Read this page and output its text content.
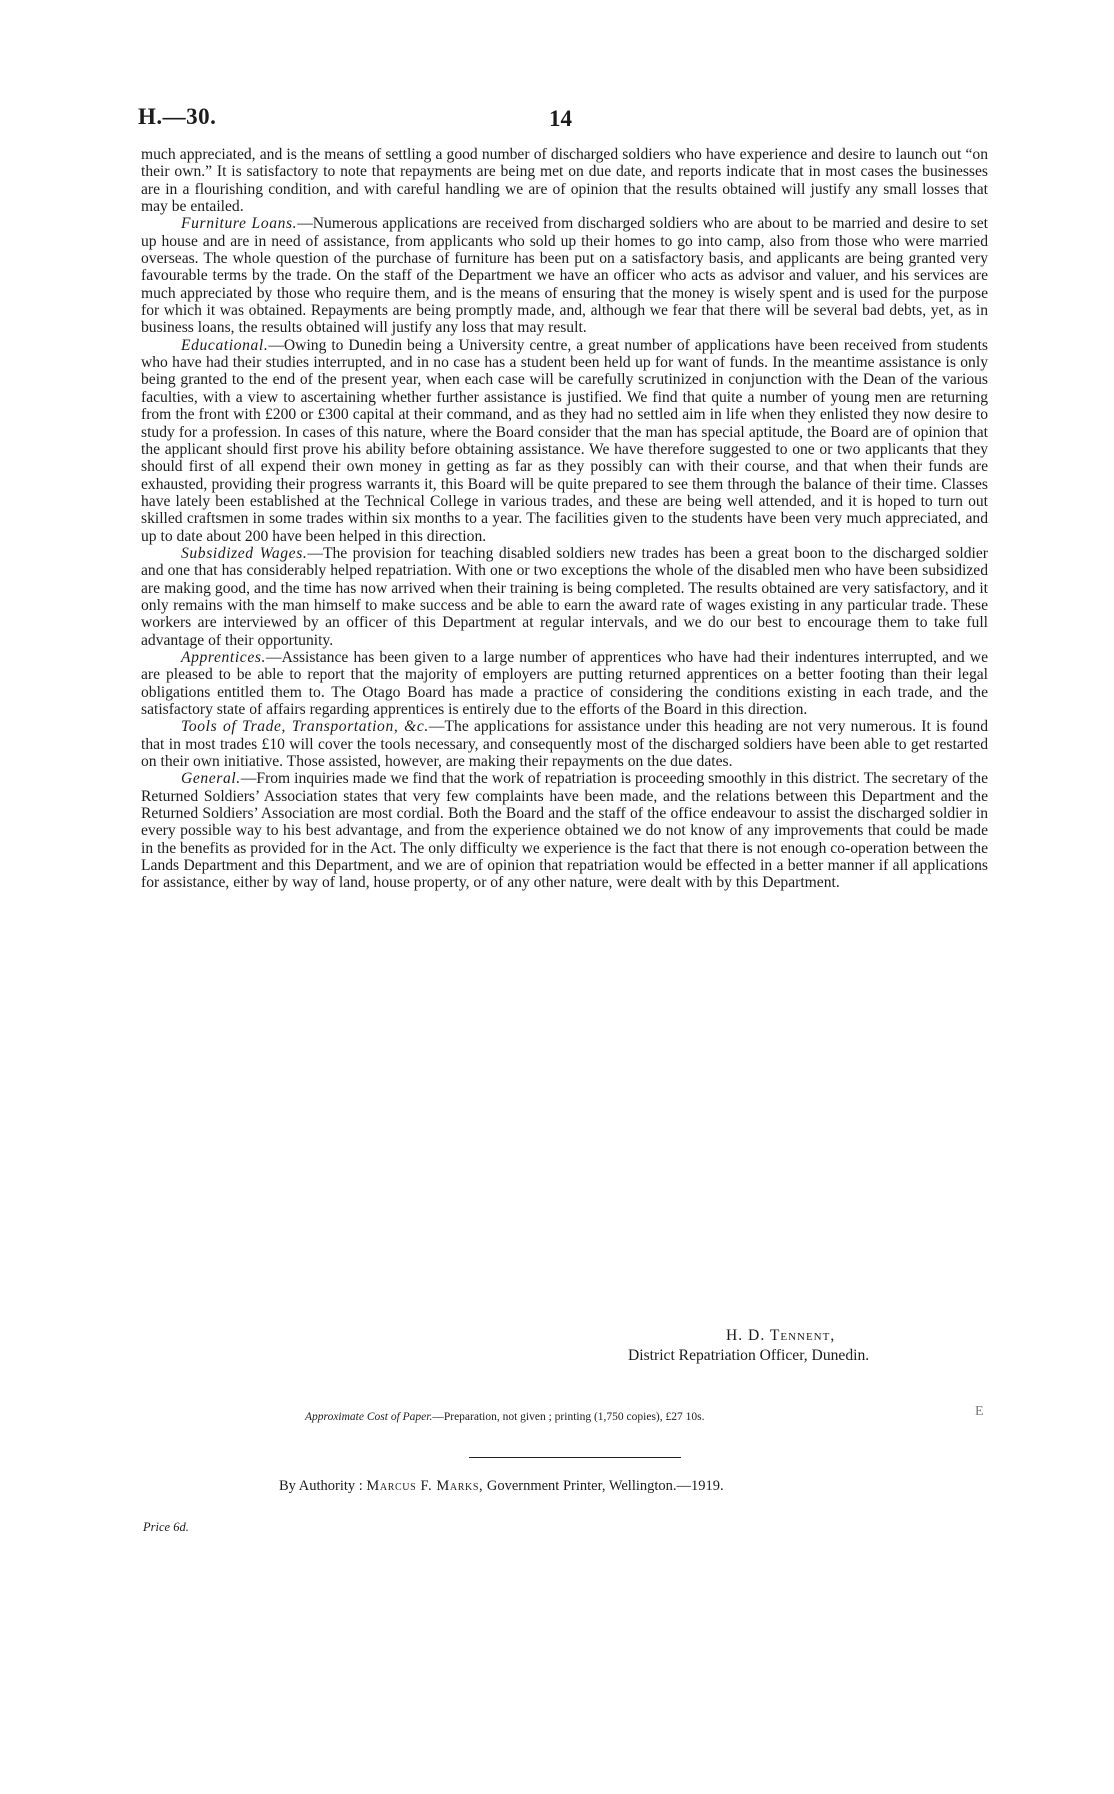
H.—30.	14

much appreciated, and is the means of settling a good number of discharged soldiers who have experience and desire to launch out “on their own.” It is satisfactory to note that repayments are being met on due date, and reports indicate that in most cases the businesses are in a flourishing condition, and with careful handling we are of opinion that the results obtained will justify any small losses that may be entailed.

Furniture Loans.—Numerous applications are received from discharged soldiers who are about to be married and desire to set up house and are in need of assistance, from applicants who sold up their homes to go into camp, also from those who were married overseas. The whole question of the purchase of furniture has been put on a satisfactory basis, and applicants are being granted very favourable terms by the trade. On the staff of the Department we have an officer who acts as advisor and valuer, and his services are much appreciated by those who require them, and is the means of ensuring that the money is wisely spent and is used for the purpose for which it was obtained. Repayments are being promptly made, and, although we fear that there will be several bad debts, yet, as in business loans, the results obtained will justify any loss that may result.

Educational.—Owing to Dunedin being a University centre, a great number of applications have been received from students who have had their studies interrupted, and in no case has a student been held up for want of funds. In the meantime assistance is only being granted to the end of the present year, when each case will be carefully scrutinized in conjunction with the Dean of the various faculties, with a view to ascertaining whether further assistance is justified. We find that quite a number of young men are returning from the front with £200 or £300 capital at their command, and as they had no settled aim in life when they enlisted they now desire to study for a profession. In cases of this nature, where the Board consider that the man has special aptitude, the Board are of opinion that the applicant should first prove his ability before obtaining assistance. We have therefore suggested to one or two applicants that they should first of all expend their own money in getting as far as they possibly can with their course, and that when their funds are exhausted, providing their progress warrants it, this Board will be quite prepared to see them through the balance of their time. Classes have lately been established at the Technical College in various trades, and these are being well attended, and it is hoped to turn out skilled craftsmen in some trades within six months to a year. The facilities given to the students have been very much appreciated, and up to date about 200 have been helped in this direction.

Subsidized Wages.—The provision for teaching disabled soldiers new trades has been a great boon to the discharged soldier and one that has considerably helped repatriation. With one or two exceptions the whole of the disabled men who have been subsidized are making good, and the time has now arrived when their training is being completed. The results obtained are very satisfactory, and it only remains with the man himself to make success and be able to earn the award rate of wages existing in any particular trade. These workers are interviewed by an officer of this Department at regular intervals, and we do our best to encourage them to take full advantage of their opportunity.

Apprentices.—Assistance has been given to a large number of apprentices who have had their indentures interrupted, and we are pleased to be able to report that the majority of employers are putting returned apprentices on a better footing than their legal obligations entitled them to. The Otago Board has made a practice of considering the conditions existing in each trade, and the satisfactory state of affairs regarding apprentices is entirely due to the efforts of the Board in this direction.

Tools of Trade, Transportation, &c.—The applications for assistance under this heading are not very numerous. It is found that in most trades £10 will cover the tools necessary, and consequently most of the discharged soldiers have been able to get restarted on their own initiative. Those assisted, however, are making their repayments on the due dates.

General.—From inquiries made we find that the work of repatriation is proceeding smoothly in this district. The secretary of the Returned Soldiers’ Association states that very few complaints have been made, and the relations between this Department and the Returned Soldiers’ Association are most cordial. Both the Board and the staff of the office endeavour to assist the discharged soldier in every possible way to his best advantage, and from the experience obtained we do not know of any improvements that could be made in the benefits as provided for in the Act. The only difficulty we experience is the fact that there is not enough co-operation between the Lands Department and this Department, and we are of opinion that repatriation would be effected in a better manner if all applications for assistance, either by way of land, house property, or of any other nature, were dealt with by this Department.

H. D. Tennent,
District Repatriation Officer, Dunedin.
Approximate Cost of Paper.—Preparation, not given ; printing (1,750 copies), £27 10s.	E
By Authority : Marcus F. Marks, Government Printer, Wellington.—1919.
Price 6d.
